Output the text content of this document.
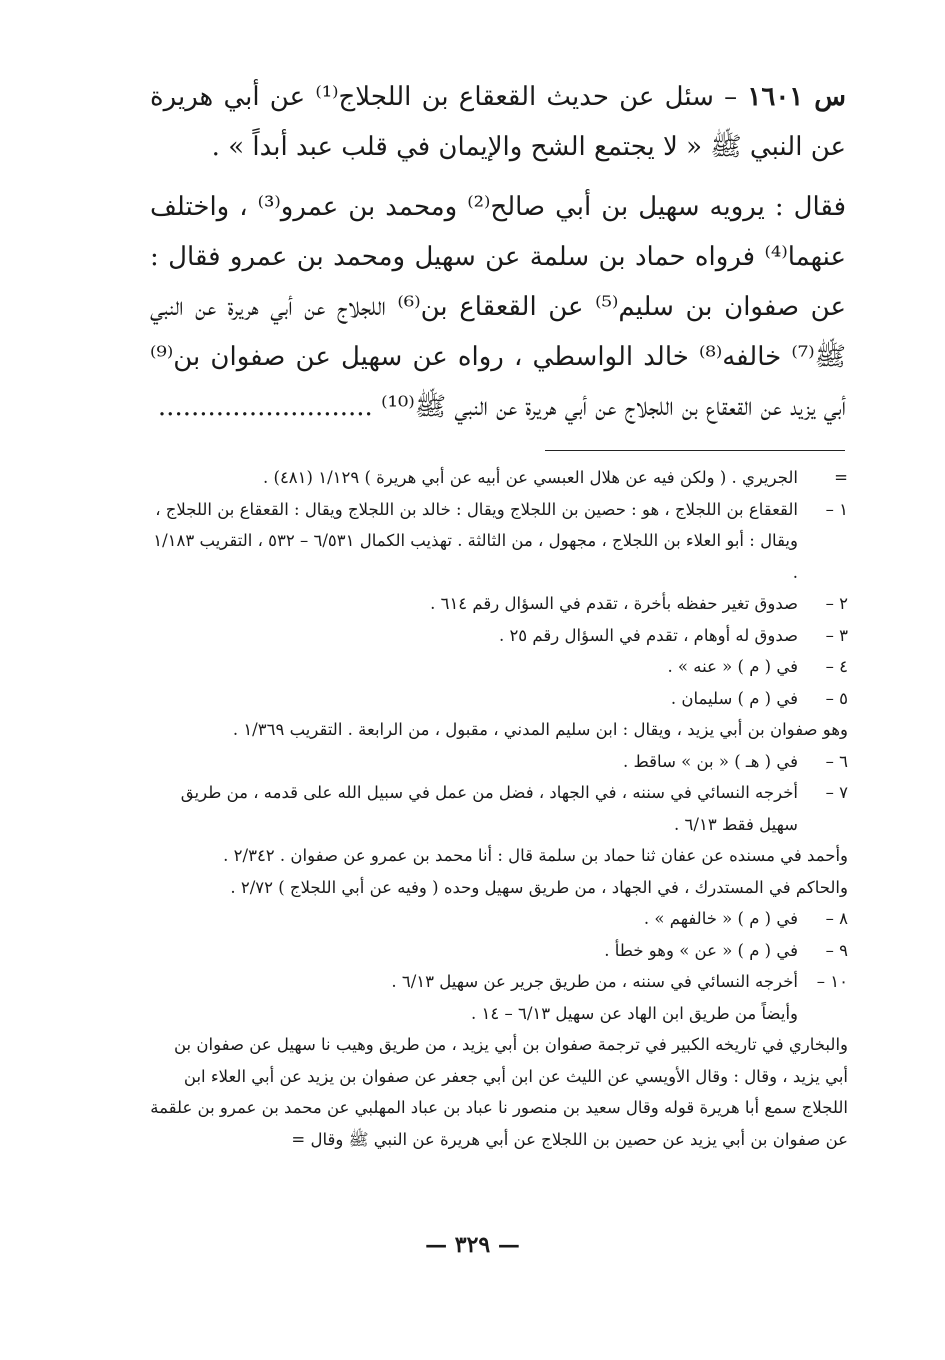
س ١٦٠١ – سئل عن حديث القعقاع بن اللجلاج⁽¹⁾ عن أبي هريرة عن النبي ﷺ « لا يجتمع الشح والإيمان في قلب عبد أبداً » .

فقال : يرويه سهيل بن أبي صالح⁽²⁾ ومحمد بن عمرو⁽³⁾ ، واختلف عنهما⁽⁴⁾ فرواه حماد بن سلمة عن سهيل ومحمد بن عمرو فقال : عن صفوان بن سليم⁽⁵⁾ عن القعقاع بن⁽⁶⁾ اللجلاج عن أبي هريرة عن النبي ﷺ⁽⁷⁾ خالفه⁽⁸⁾ خالد الواسطي ، رواه عن سهيل عن صفوان بن⁽⁹⁾ أبي يزيد عن القعقاع بن اللجلاج عن أبي هريرة عن النبي ﷺ⁽¹⁰⁾ ..........................

=
الجريري . ( ولكن فيه عن هلال العبسي عن أبيه عن أبي هريرة ) ١/١٢٩ (٤٨١) .
١ –
القعقاع بن اللجلاج ، هو : حصين بن اللجلاج ويقال : خالد بن اللجلاج ويقال : القعقاع بن اللجلاج ، ويقال : أبو العلاء بن اللجلاج ، مجهول ، من الثالثة . تهذيب الكمال ٦/٥٣١ – ٥٣٢ ، التقريب ١/١٨٣ .
٢ –
صدوق تغير حفظه بأخرة ، تقدم في السؤال رقم ٦١٤ .
٣ –
صدوق له أوهام ، تقدم في السؤال رقم ٢٥ .
٤ –
في ( م ) « عنه » .
٥ –
في ( م ) سليمان .
وهو صفوان بن أبي يزيد ، ويقال : ابن سليم المدني ، مقبول ، من الرابعة . التقريب ١/٣٦٩ .
٦ –
في ( هـ ) « بن » ساقط .
٧ –
أخرجه النسائي في سننه ، في الجهاد ، فضل من عمل في سبيل الله على قدمه ، من طريق سهيل فقط ٦/١٣ .
وأحمد في مسنده عن عفان ثنا حماد بن سلمة قال : أنا محمد بن عمرو عن صفوان . ٢/٣٤٢ .
والحاكم في المستدرك ، في الجهاد ، من طريق سهيل وحده ( وفيه عن أبي اللجلاج ) ٢/٧٢ .
٨ –
في ( م ) « خالفهم » .
٩ –
في ( م ) « عن » وهو خطأ .
١٠ –
أخرجه النسائي في سننه ، من طريق جرير عن سهيل ٦/١٣ .
وأيضاً من طريق ابن الهاد عن سهيل ٦/١٣ – ١٤ .
والبخاري في تاريخه الكبير في ترجمة صفوان بن أبي يزيد ، من طريق وهيب نا سهيل عن صفوان بن أبي يزيد ، وقال : وقال الأويسي عن الليث عن ابن أبي جعفر عن صفوان بن يزيد عن أبي العلاء ابن اللجلاج سمع أبا هريرة قوله وقال سعيد بن منصور نا عباد بن عباد المهلبي عن محمد بن عمرو بن علقمة عن صفوان بن أبي يزيد عن حصين بن اللجلاج عن أبي هريرة عن النبي ﷺ وقال =
— ٣٢٩ —
